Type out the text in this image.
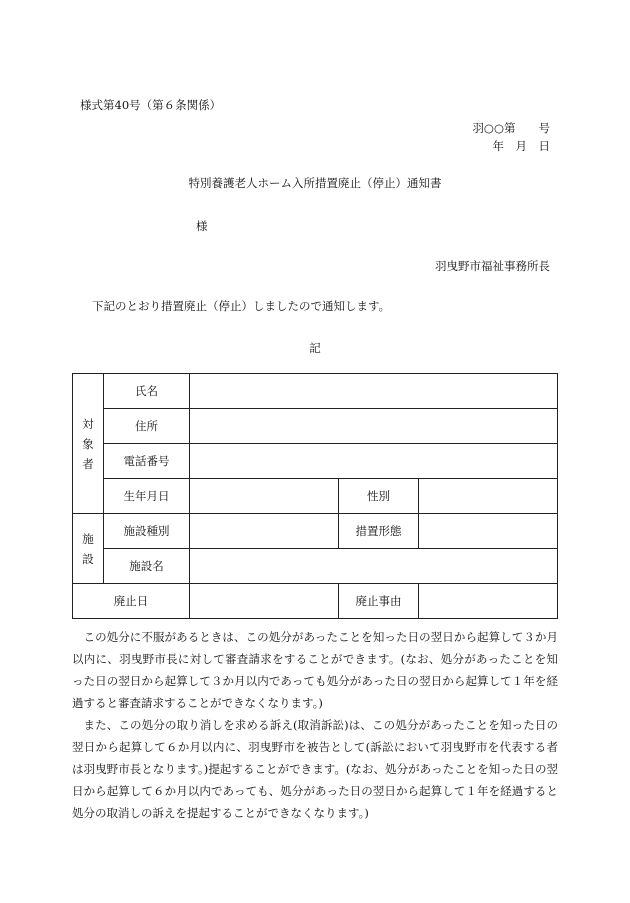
様式第40号（第６条関係）
羽○○第　　号
年　月　日
特別養護老人ホーム入所措置廃止（停止）通知書
様
羽曳野市福祉事務所長
下記のとおり措置廃止（停止）しましたので通知します。
記
対
象
者	氏名			
	住所			
	電話番号			
	生年月日		性別	
施
設	施設種別		措置形態	
	施設名			
廃止日			廃止事由	

この処分に不服があるときは、この処分があったことを知った日の翌日から起算して３か月以内に、羽曳野市長に対して審査請求をすることができます。(なお、処分があったことを知った日の翌日から起算して３か月以内であっても処分があった日の翌日から起算して１年を経過すると審査請求することができなくなります。)

また、この処分の取り消しを求める訴え(取消訴訟)は、この処分があったことを知った日の翌日から起算して６か月以内に、羽曳野市を被告として(訴訟において羽曳野市を代表する者は羽曳野市長となります。)提起することができます。(なお、処分があったことを知った日の翌日から起算して６か月以内であっても、処分があった日の翌日から起算して１年を経過すると処分の取消しの訴えを提起することができなくなります。)
